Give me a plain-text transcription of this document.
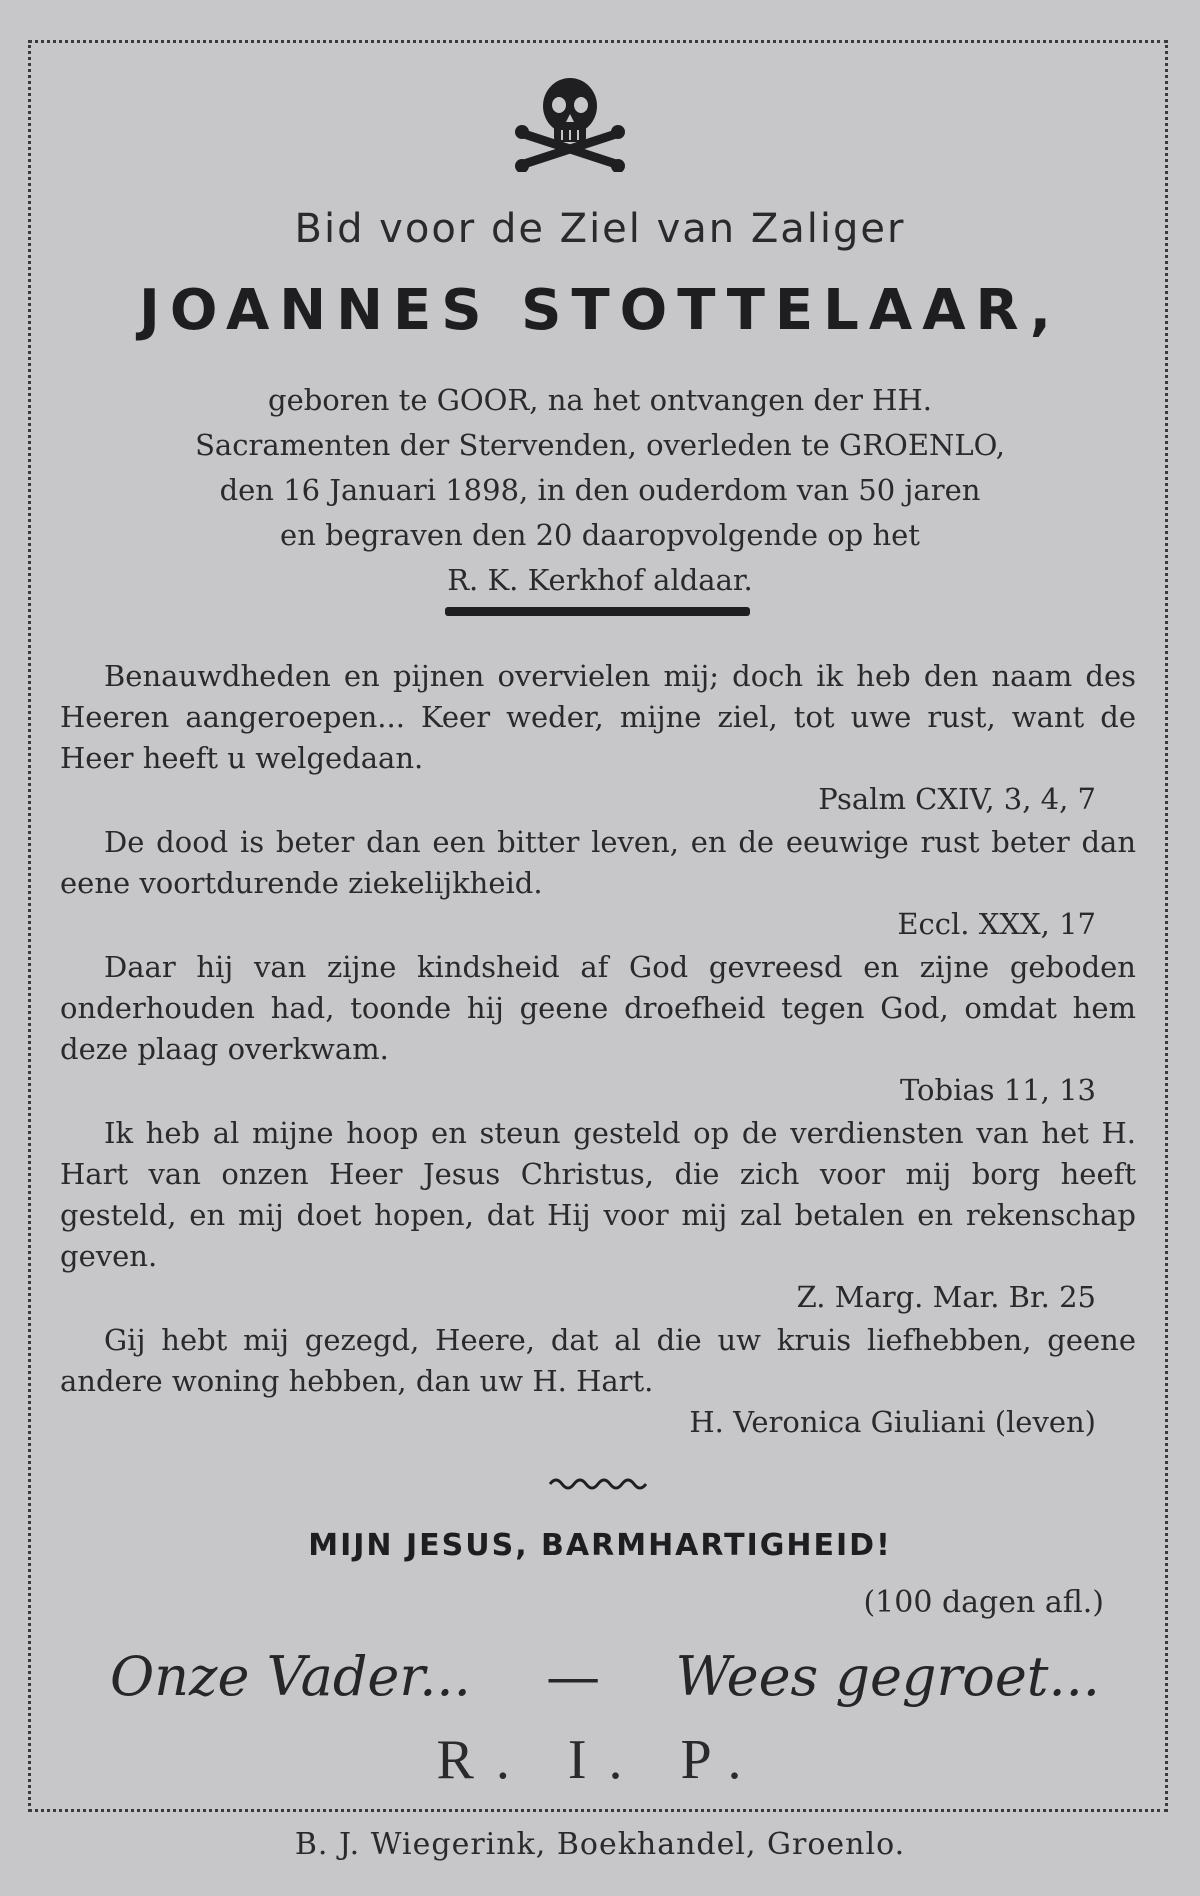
Bid voor de Ziel van Zaliger
JOANNES STOTTELAAR,
geboren te GOOR, na het ontvangen der HH.
Sacramenten der Stervenden, overleden te GROENLO,
den 16 Januari 1898, in den ouderdom van 50 jaren
en begraven den 20 daaropvolgende op het
R. K. Kerkhof aldaar.

Benauwdheden en pijnen overvielen mij; doch ik heb den naam des Heeren aangeroepen... Keer weder, mijne ziel, tot uwe rust, want de Heer heeft u welgedaan.

Psalm CXIV, 3, 4, 7

De dood is beter dan een bitter leven, en de eeuwige rust beter dan eene voortdurende ziekelijkheid.

Eccl. XXX, 17

Daar hij van zijne kindsheid af God gevreesd en zijne geboden onderhouden had, toonde hij geene droefheid tegen God, omdat hem deze plaag overkwam.

Tobias 11, 13

Ik heb al mijne hoop en steun gesteld op de verdiensten van het H. Hart van onzen Heer Jesus Christus, die zich voor mij borg heeft gesteld, en mij doet hopen, dat Hij voor mij zal betalen en rekenschap geven.

Z. Marg. Mar. Br. 25

Gij hebt mij gezegd, Heere, dat al die uw kruis liefhebben, geene andere woning hebben, dan uw H. Hart.

H. Veronica Giuliani (leven)

MIJN JESUS, BARMHARTIGHEID!
(100 dagen afl.)
Onze Vader... — Wees gegroet...
R. I. P.
B. J. Wiegerink, Boekhandel, Groenlo.
